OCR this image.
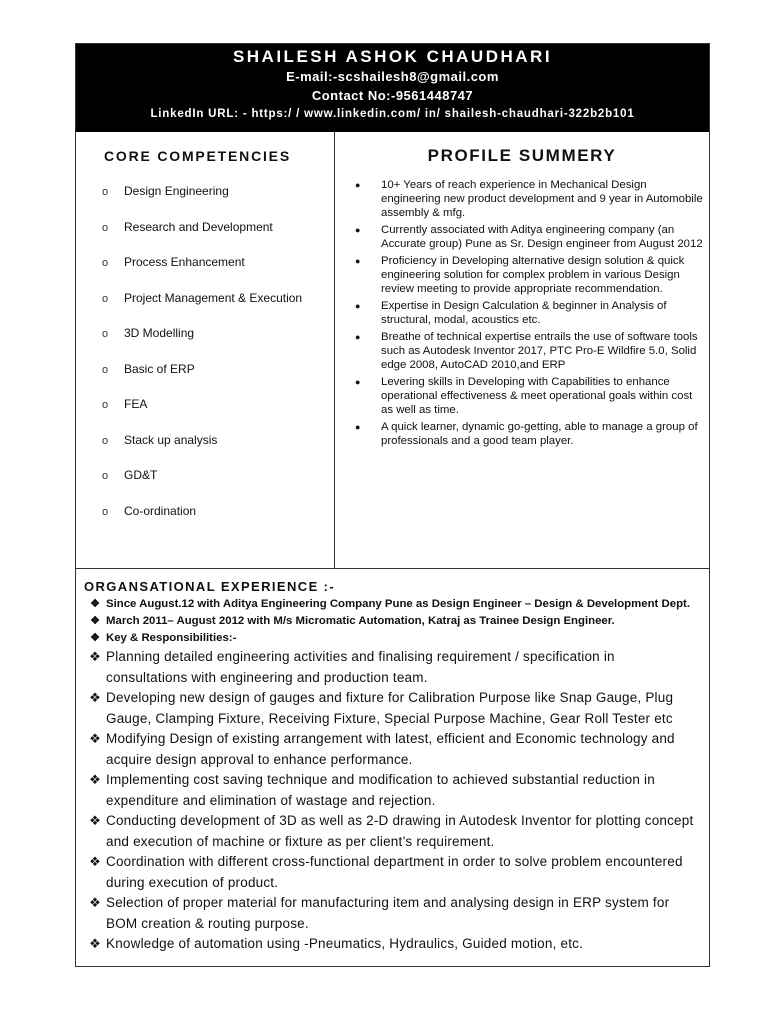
SHAILESH ASHOK CHAUDHARI
E-mail:-scshailesh8@gmail.com
Contact No:-9561448747
LinkedIn URL: - https:/ / www.linkedin.com/ in/ shailesh-chaudhari-322b2b101
CORE COMPETENCIES
o	Design Engineering
o	Research and Development
o	Process Enhancement
o	Project Management & Execution
o	3D Modelling
o	Basic of ERP
o	FEA
o	Stack up analysis
o	GD&T
o	Co-ordination
PROFILE SUMMERY
●	10+ Years of reach experience in Mechanical Design engineering new product development and 9 year in Automobile assembly & mfg.
●	Currently associated with Aditya engineering company (an Accurate group) Pune as Sr. Design engineer from August 2012
●	Proficiency in Developing alternative design solution & quick engineering solution for complex problem in various Design review meeting to provide appropriate recommendation.
●	Expertise in Design Calculation & beginner in Analysis of structural, modal, acoustics etc.
●	Breathe of technical expertise entrails the use of software tools such as Autodesk Inventor 2017, PTC Pro-E Wildfire 5.0, Solid edge 2008, AutoCAD 2010,and ERP
●	Levering skills in Developing with Capabilities to enhance operational effectiveness & meet operational goals within cost as well as time.
●	A quick learner, dynamic go-getting, able to manage a group of professionals and a good team player.
ORGANSATIONAL EXPERIENCE :-
❖ Since August.12 with Aditya Engineering Company Pune as Design Engineer – Design & Development Dept.
❖ March 2011– August 2012 with M/s Micromatic Automation, Katraj as Trainee Design Engineer.
❖ Key & Responsibilities:-
❖ Planning detailed engineering activities and finalising requirement / specification in consultations with engineering and production team.
❖ Developing new design of gauges and fixture for Calibration Purpose like Snap Gauge, Plug Gauge, Clamping Fixture, Receiving Fixture, Special Purpose Machine, Gear Roll Tester etc
❖ Modifying Design of existing arrangement with latest, efficient and Economic technology and acquire design approval to enhance performance.
❖ Implementing cost saving technique and modification to achieved substantial reduction in expenditure and elimination of wastage and rejection.
❖ Conducting development of 3D as well as 2-D drawing in Autodesk Inventor for plotting concept and execution of machine or fixture as per client’s requirement.
❖ Coordination with different cross-functional department in order to solve problem encountered during execution of product.
❖ Selection of proper material for manufacturing item and analysing design in ERP system for BOM creation & routing purpose.
❖ Knowledge of automation using -Pneumatics, Hydraulics, Guided motion, etc.
